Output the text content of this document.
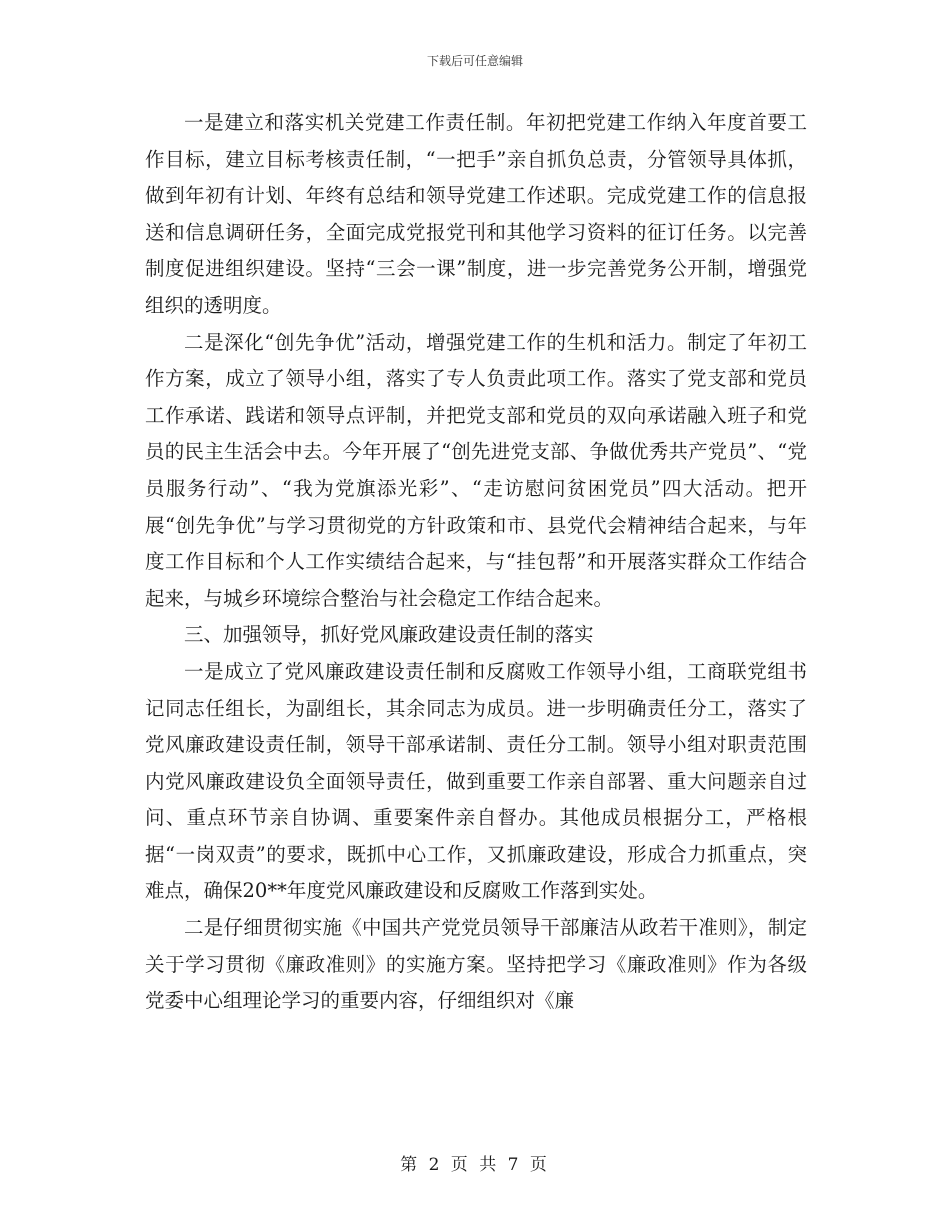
下载后可任意编辑

一是建立和落实机关党建工作责任制。年初把党建工作纳入年度首要工作目标，建立目标考核责任制，“一把手”亲自抓负总责，分管领导具体抓，做到年初有计划、年终有总结和领导党建工作述职。完成党建工作的信息报送和信息调研任务，全面完成党报党刊和其他学习资料的征订任务。以完善制度促进组织建设。坚持“三会一课”制度，进一步完善党务公开制，增强党组织的透明度。

二是深化“创先争优”活动，增强党建工作的生机和活力。制定了年初工作方案，成立了领导小组，落实了专人负责此项工作。落实了党支部和党员工作承诺、践诺和领导点评制，并把党支部和党员的双向承诺融入班子和党员的民主生活会中去。今年开展了“创先进党支部、争做优秀共产党员”、“党员服务行动”、“我为党旗添光彩”、“走访慰问贫困党员”四大活动。把开展“创先争优”与学习贯彻党的方针政策和市、县党代会精神结合起来，与年度工作目标和个人工作实绩结合起来，与“挂包帮”和开展落实群众工作结合起来，与城乡环境综合整治与社会稳定工作结合起来。

三、加强领导，抓好党风廉政建设责任制的落实

一是成立了党风廉政建设责任制和反腐败工作领导小组，工商联党组书记同志任组长，为副组长，其余同志为成员。进一步明确责任分工，落实了党风廉政建设责任制，领导干部承诺制、责任分工制。领导小组对职责范围内党风廉政建设负全面领导责任，做到重要工作亲自部署、重大问题亲自过问、重点环节亲自协调、重要案件亲自督办。其他成员根据分工，严格根据“一岗双责”的要求，既抓中心工作，又抓廉政建设，形成合力抓重点，突难点，确保20**年度党风廉政建设和反腐败工作落到实处。

二是仔细贯彻实施《中国共产党党员领导干部廉洁从政若干准则》，制定关于学习贯彻《廉政准则》的实施方案。坚持把学习《廉政准则》作为各级党委中心组理论学习的重要内容，仔细组织对《廉

第 2 页 共 7 页
